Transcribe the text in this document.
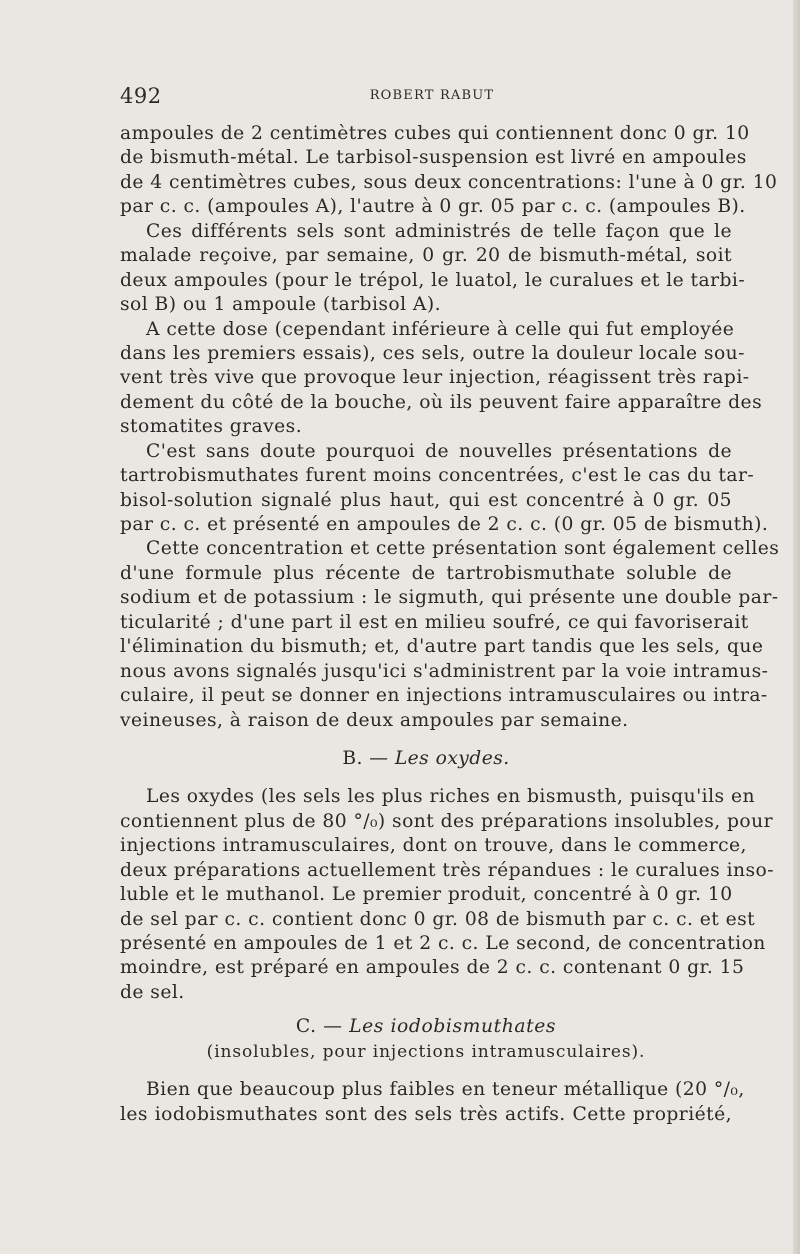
492	ROBERT RABUT
ampoules de 2 centimètres cubes qui contiennent donc 0 gr. 10
de bismuth-métal. Le tarbisol-suspension est livré en ampoules
de 4 centimètres cubes, sous deux concentrations: l'une à 0 gr. 10
par c. c. (ampoules A), l'autre à 0 gr. 05 par c. c. (ampoules B).
Ces différents sels sont administrés de telle façon que le
malade reçoive, par semaine, 0 gr. 20 de bismuth-métal, soit
deux ampoules (pour le trépol, le luatol, le curalues et le tarbi-
sol B) ou 1 ampoule (tarbisol A).
A cette dose (cependant inférieure à celle qui fut employée
dans les premiers essais), ces sels, outre la douleur locale sou-
vent très vive que provoque leur injection, réagissent très rapi-
dement du côté de la bouche, où ils peuvent faire apparaître des
stomatites graves.
C'est sans doute pourquoi de nouvelles présentations de
tartrobismuthates furent moins concentrées, c'est le cas du tar-
bisol-solution signalé plus haut, qui est concentré à 0 gr. 05
par c. c. et présenté en ampoules de 2 c. c. (0 gr. 05 de bismuth).
Cette concentration et cette présentation sont également celles
d'une formule plus récente de tartrobismuthate soluble de
sodium et de potassium : le sigmuth, qui présente une double par-
ticularité ; d'une part il est en milieu soufré, ce qui favoriserait
l'élimination du bismuth; et, d'autre part tandis que les sels, que
nous avons signalés jusqu'ici s'administrent par la voie intramus-
culaire, il peut se donner en injections intramusculaires ou intra-
veineuses, à raison de deux ampoules par semaine.
B. — Les oxydes.
Les oxydes (les sels les plus riches en bismusth, puisqu'ils en
contiennent plus de 80 °/₀) sont des préparations insolubles, pour
injections intramusculaires, dont on trouve, dans le commerce,
deux préparations actuellement très répandues : le curalues inso-
luble et le muthanol. Le premier produit, concentré à 0 gr. 10
de sel par c. c. contient donc 0 gr. 08 de bismuth par c. c. et est
présenté en ampoules de 1 et 2 c. c. Le second, de concentration
moindre, est préparé en ampoules de 2 c. c. contenant 0 gr. 15
de sel.
C. — Les iodobismuthates
(insolubles, pour injections intramusculaires).
Bien que beaucoup plus faibles en teneur métallique (20 °/₀,
les iodobismuthates sont des sels très actifs. Cette propriété,
